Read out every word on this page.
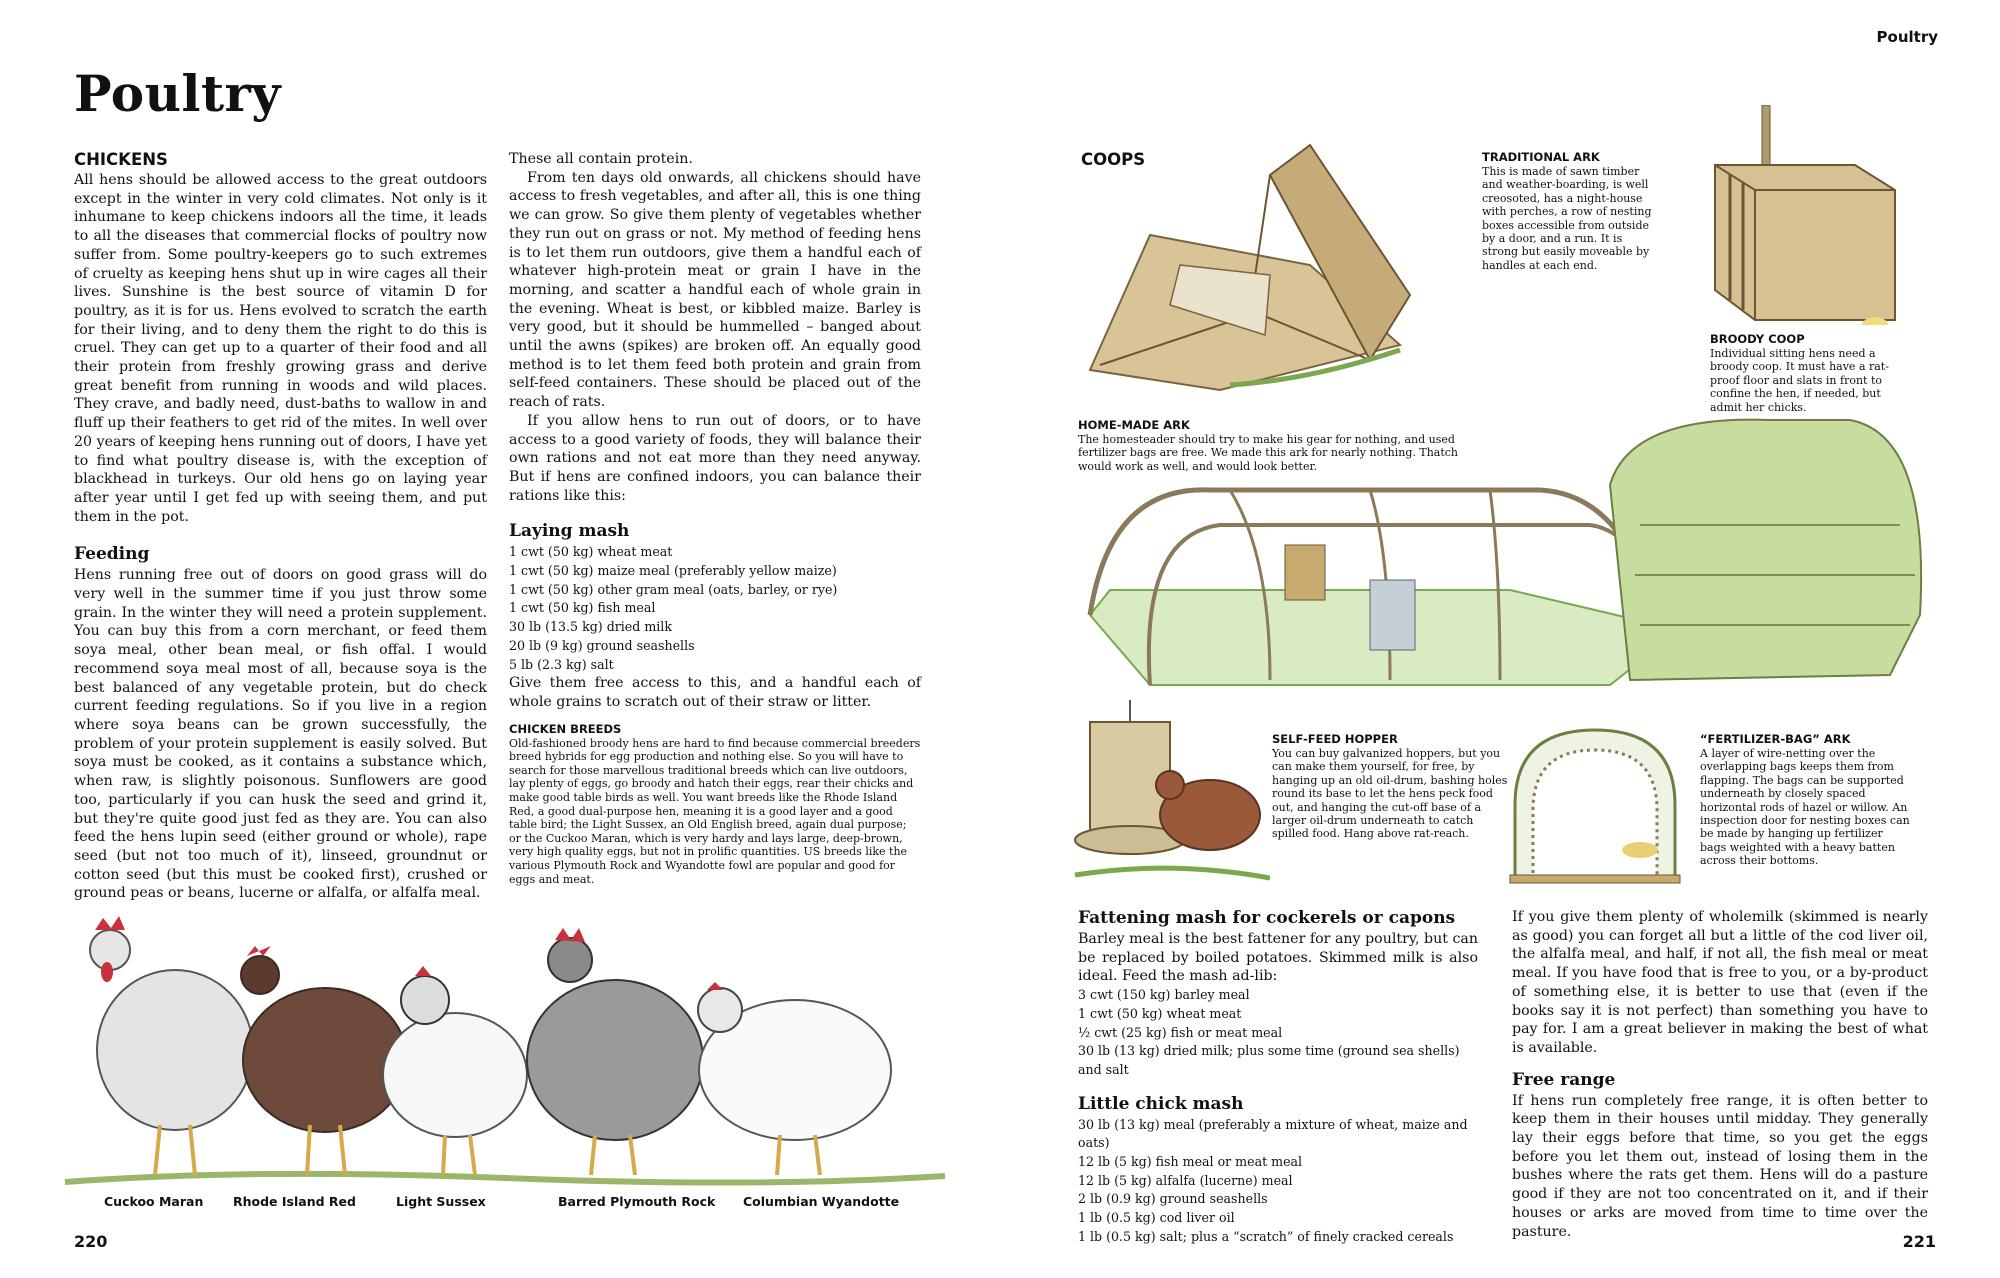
Poultry
Poultry
CHICKENS

All hens should be allowed access to the great outdoors except in the winter in very cold climates. Not only is it inhumane to keep chickens indoors all the time, it leads to all the diseases that commercial flocks of poultry now suffer from. Some poultry-keepers go to such extremes of cruelty as keeping hens shut up in wire cages all their lives. Sunshine is the best source of vitamin D for poultry, as it is for us. Hens evolved to scratch the earth for their living, and to deny them the right to do this is cruel. They can get up to a quarter of their food and all their protein from freshly growing grass and derive great benefit from running in woods and wild places. They crave, and badly need, dust-baths to wallow in and fluff up their feathers to get rid of the mites. In well over 20 years of keeping hens running out of doors, I have yet to find what poultry disease is, with the exception of blackhead in turkeys. Our old hens go on laying year after year until I get fed up with seeing them, and put them in the pot.

Feeding

Hens running free out of doors on good grass will do very well in the summer time if you just throw some grain. In the winter they will need a protein supplement. You can buy this from a corn merchant, or feed them soya meal, other bean meal, or fish offal. I would recommend soya meal most of all, because soya is the best balanced of any vegetable protein, but do check current feeding regulations. So if you live in a region where soya beans can be grown successfully, the problem of your protein supplement is easily solved. But soya must be cooked, as it contains a substance which, when raw, is slightly poisonous. Sunflowers are good too, particularly if you can husk the seed and grind it, but they're quite good just fed as they are. You can also feed the hens lupin seed (either ground or whole), rape seed (but not too much of it), linseed, groundnut or cotton seed (but this must be cooked first), crushed or ground peas or beans, lucerne or alfalfa, or alfalfa meal.

These all contain protein.

From ten days old onwards, all chickens should have access to fresh vegetables, and after all, this is one thing we can grow. So give them plenty of vegetables whether they run out on grass or not. My method of feeding hens is to let them run outdoors, give them a handful each of whatever high-protein meat or grain I have in the morning, and scatter a handful each of whole grain in the evening. Wheat is best, or kibbled maize. Barley is very good, but it should be hummelled – banged about until the awns (spikes) are broken off. An equally good method is to let them feed both protein and grain from self-feed containers. These should be placed out of the reach of rats.

If you allow hens to run out of doors, or to have access to a good variety of foods, they will balance their own rations and not eat more than they need anyway. But if hens are confined indoors, you can balance their rations like this:

Laying mash
1 cwt (50 kg) wheat meat
1 cwt (50 kg) maize meal (preferably yellow maize)
1 cwt (50 kg) other gram meal (oats, barley, or rye)
1 cwt (50 kg) fish meal
30 lb (13.5 kg) dried milk
20 lb (9 kg) ground seashells
5 lb (2.3 kg) salt

Give them free access to this, and a handful each of whole grains to scratch out of their straw or litter.

CHICKEN BREEDS
Old-fashioned broody hens are hard to find because commercial breeders breed hybrids for egg production and nothing else. So you will have to search for those marvellous traditional breeds which can live outdoors, lay plenty of eggs, go broody and hatch their eggs, rear their chicks and make good table birds as well. You want breeds like the Rhode Island Red, a good dual-purpose hen, meaning it is a good layer and a good table bird; the Light Sussex, an Old English breed, again dual purpose; or the Cuckoo Maran, which is very hardy and lays large, deep-brown, very high quality eggs, but not in prolific quantities. US breeds like the various Plymouth Rock and Wyandotte fowl are popular and good for eggs and meat.
Cuckoo Maran Rhode Island Red	Light Sussex	Barred Plymouth Rock Columbian Wyandotte
220
COOPS	TRADITIONAL ARK
This is made of sawn timber and weather-boarding, is well creosoted, has a night-house with perches, a row of nesting boxes accessible from outside by a door, and a run. It is strong but easily moveable by handles at each end.
BROODY COOP
Individual sitting hens need a broody coop. It must have a rat-proof floor and slats in front to confine the hen, if needed, but admit her chicks.
HOME-MADE ARK
The homesteader should try to make his gear for nothing, and used fertilizer bags are free. We made this ark for nearly nothing. Thatch would work as well, and would look better.
SELF-FEED HOPPER
You can buy galvanized hoppers, but you can make them yourself, for free, by hanging up an old oil-drum, bashing holes round its base to let the hens peck food out, and hanging the cut-off base of a larger oil-drum underneath to catch spilled food. Hang above rat-reach.
“FERTILIZER-BAG” ARK
A layer of wire-netting over the overlapping bags keeps them from flapping. The bags can be supported underneath by closely spaced horizontal rods of hazel or willow. An inspection door for nesting boxes can be made by hanging up fertilizer bags weighted with a heavy batten across their bottoms.
Fattening mash for cockerels or capons

Barley meal is the best fattener for any poultry, but can be replaced by boiled potatoes. Skimmed milk is also ideal. Feed the mash ad-lib:

3 cwt (150 kg) barley meal
1 cwt (50 kg) wheat meat
½ cwt (25 kg) fish or meat meal
30 lb (13 kg) dried milk; plus some time (ground sea shells) and salt
Little chick mash
30 lb (13 kg) meal (preferably a mixture of wheat, maize and oats)
12 lb (5 kg) fish meal or meat meal
12 lb (5 kg) alfalfa (lucerne) meal
2 lb (0.9 kg) ground seashells
1 lb (0.5 kg) cod liver oil
1 lb (0.5 kg) salt; plus a “scratch” of finely cracked cereals

If you give them plenty of wholemilk (skimmed is nearly as good) you can forget all but a little of the cod liver oil, the alfalfa meal, and half, if not all, the fish meal or meat meal. If you have food that is free to you, or a by-product of something else, it is better to use that (even if the books say it is not perfect) than something you have to pay for. I am a great believer in making the best of what is available.

Free range

If hens run completely free range, it is often better to keep them in their houses until midday. They generally lay their eggs before that time, so you get the eggs before you let them out, instead of losing them in the bushes where the rats get them. Hens will do a pasture good if they are not too concentrated on it, and if their houses or arks are moved from time to time over the pasture.

221
